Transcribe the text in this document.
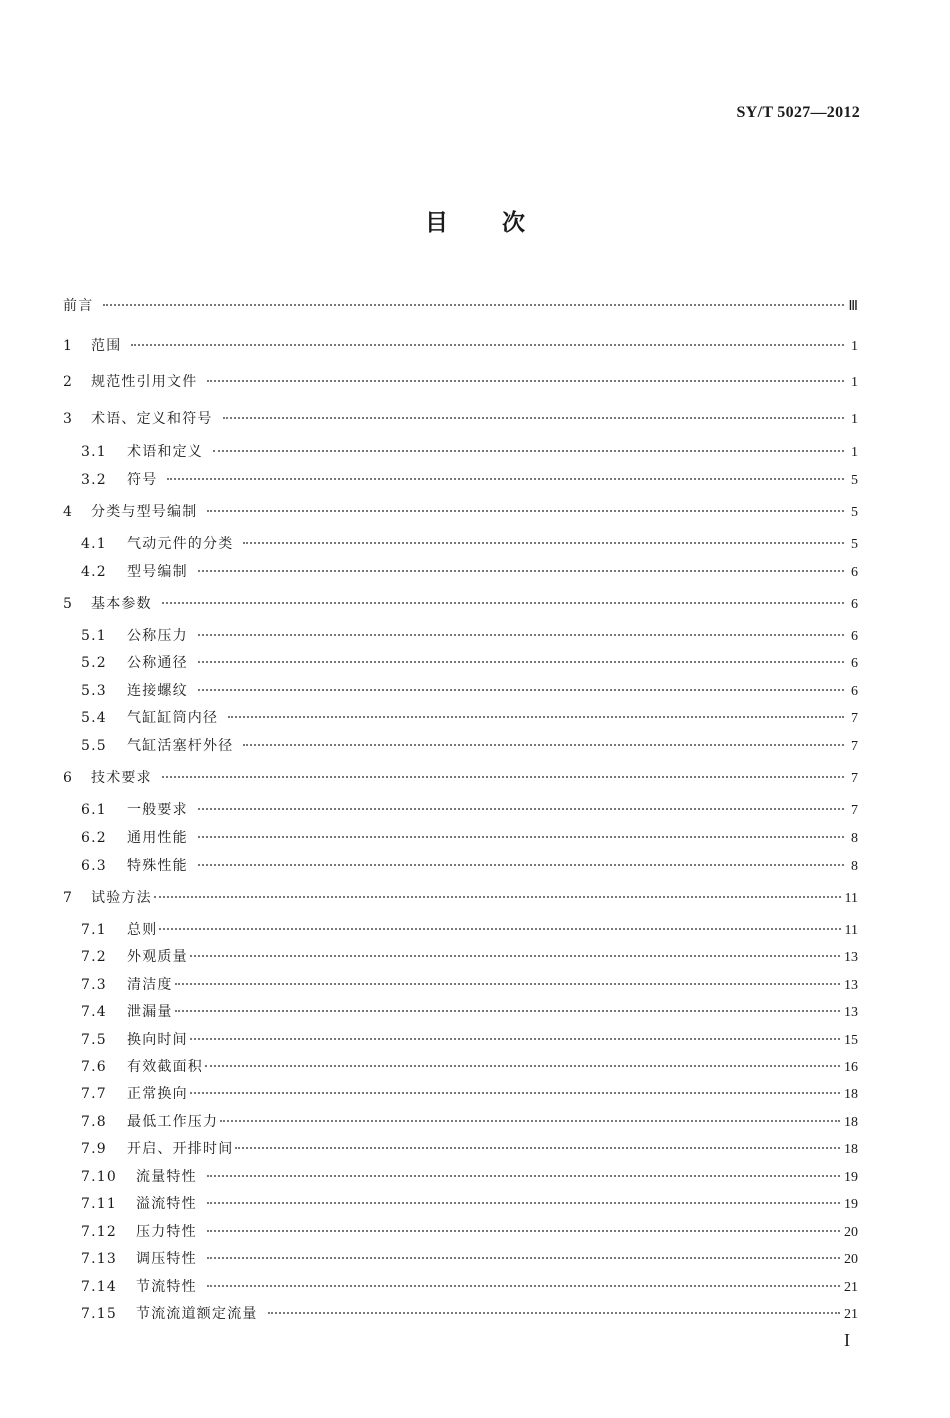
SY/T 5027—2012
目 次
前言	Ⅲ
1	范围	1
2	规范性引用文件	1
3	术语、定义和符号	1
3.1	术语和定义	1
3.2	符号	5
4	分类与型号编制	5
4.1	气动元件的分类	5
4.2	型号编制	6
5	基本参数	6
5.1	公称压力	6
5.2	公称通径	6
5.3	连接螺纹	6
5.4	气缸缸筒内径	7
5.5	气缸活塞杆外径	7
6	技术要求	7
6.1	一般要求	7
6.2	通用性能	8
6.3	特殊性能	8
7	试验方法	11
7.1	总则	11
7.2	外观质量	13
7.3	清洁度	13
7.4	泄漏量	13
7.5	换向时间	15
7.6	有效截面积	16
7.7	正常换向	18
7.8	最低工作压力	18
7.9	开启、开排时间	18
7.10	流量特性	19
7.11	溢流特性	19
7.12	压力特性	20
7.13	调压特性	20
7.14	节流特性	21
7.15	节流流道额定流量	21
I
